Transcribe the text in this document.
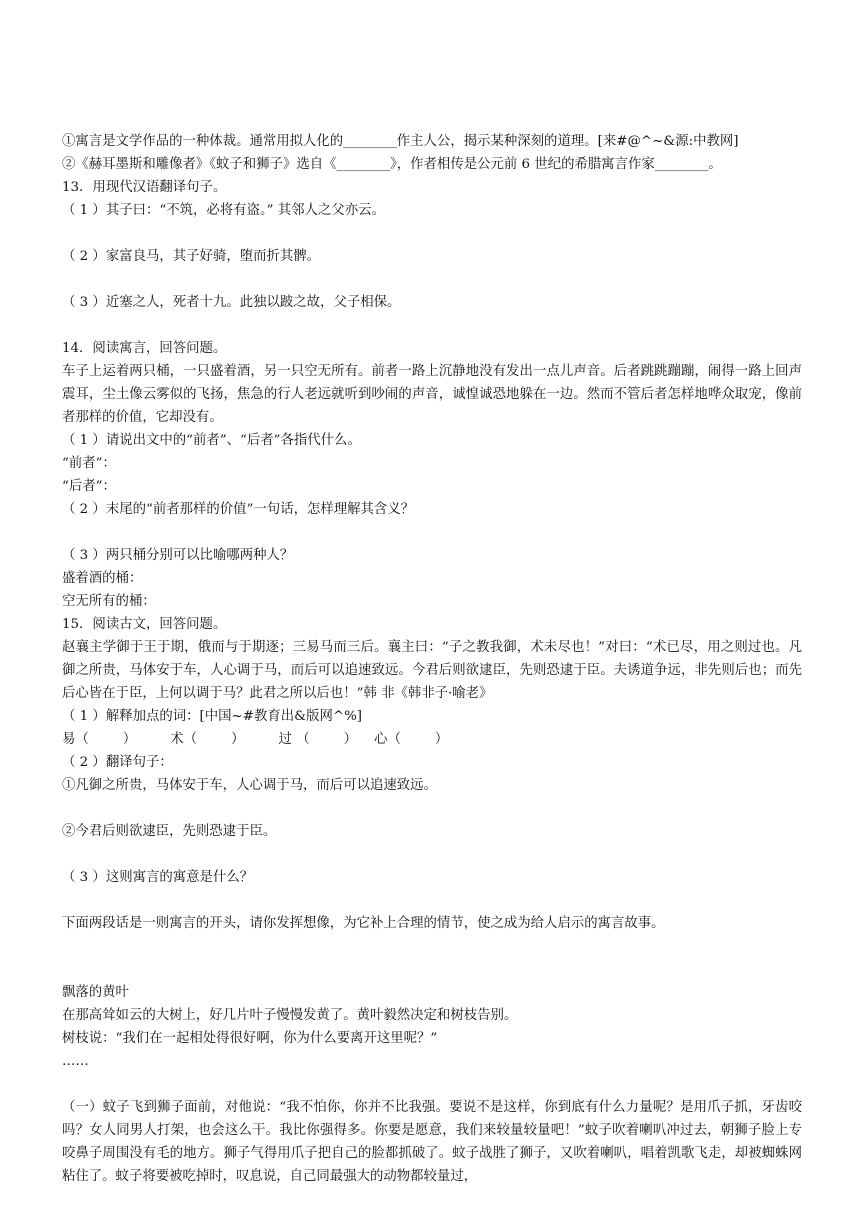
①寓言是文学作品的一种体裁。通常用拟人化的________作主人公，揭示某种深刻的道理。[来#@^~&源:中教网]
②《赫耳墨斯和雕像者》《蚊子和狮子》选自《________》，作者相传是公元前 6 世纪的希腊寓言作家________。
13．用现代汉语翻译句子。
（ 1 ）其子曰：“不筑，必将有盗。” 其邻人之父亦云。
（ 2 ）家富良马，其子好骑，堕而折其髀。
（ 3 ）近塞之人，死者十九。此独以跛之故，父子相保。
14．阅读寓言，回答问题。
车子上运着两只桶，一只盛着酒，另一只空无所有。前者一路上沉静地没有发出一点儿声音。后者跳跳蹦蹦，闹得一路上回声震耳，尘土像云雾似的飞扬，焦急的行人老远就听到吵闹的声音，诚惶诚恐地躲在一边。然而不管后者怎样地哗众取宠，像前者那样的价值，它却没有。
（ 1 ）请说出文中的“前者”、“后者”各指代什么。
“前者”：
“后者”：
（ 2 ）末尾的“前者那样的价值”一句话，怎样理解其含义？
（ 3 ）两只桶分别可以比喻哪两种人？
盛着酒的桶：
空无所有的桶：
15．阅读古文，回答问题。
赵襄主学御于王于期，俄而与于期逐；三易马而三后。襄主曰：“子之教我御，术未尽也！”对曰：“术已尽，用之则过也。凡御之所贵，马体安于车，人心调于马，而后可以追速致远。今君后则欲逮臣，先则恐逮于臣。夫诱道争远，非先则后也；而先后心皆在于臣，上何以调于马？此君之所以后也！”韩 非《韩非子·喻老》
（ 1 ）解释加点的词：[中国~#教育出&版网^%]
易（        ）        术（        ）        过 （        ）    心（        ）
（ 2 ）翻译句子：
①凡御之所贵，马体安于车，人心调于马，而后可以追速致远。
②今君后则欲逮臣，先则恐逮于臣。
（ 3 ）这则寓言的寓意是什么？
下面两段话是一则寓言的开头，请你发挥想像，为它补上合理的情节，使之成为给人启示的寓言故事。
飘落的黄叶
在那高耸如云的大树上，好几片叶子慢慢发黄了。黄叶毅然决定和树枝告别。
树枝说：“我们在一起相处得很好啊，你为什么要离开这里呢？”
……
（一）蚊子飞到狮子面前，对他说：“我不怕你，你并不比我强。要说不是这样，你到底有什么力量呢？是用爪子抓，牙齿咬吗？女人同男人打架，也会这么干。我比你强得多。你要是愿意，我们来较量较量吧！”蚊子吹着喇叭冲过去，朝狮子脸上专咬鼻子周围没有毛的地方。狮子气得用爪子把自己的脸都抓破了。蚊子战胜了狮子，又吹着喇叭，唱着凯歌飞走，却被蜘蛛网粘住了。蚊子将要被吃掉时，叹息说，自己同最强大的动物都较量过，
